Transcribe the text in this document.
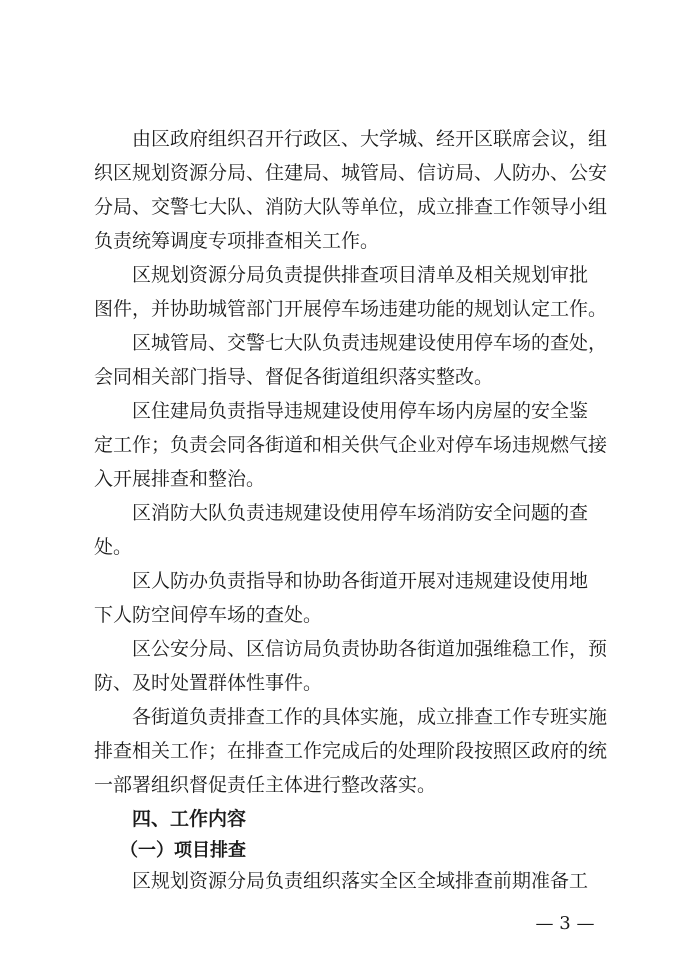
由区政府组织召开行政区、大学城、经开区联席会议，组
织区规划资源分局、住建局、城管局、信访局、人防办、公安
分局、交警七大队、消防大队等单位，成立排查工作领导小组
负责统筹调度专项排查相关工作。
区规划资源分局负责提供排查项目清单及相关规划审批
图件，并协助城管部门开展停车场违建功能的规划认定工作。
区城管局、交警七大队负责违规建设使用停车场的查处，
会同相关部门指导、督促各街道组织落实整改。
区住建局负责指导违规建设使用停车场内房屋的安全鉴
定工作；负责会同各街道和相关供气企业对停车场违规燃气接
入开展排查和整治。
区消防大队负责违规建设使用停车场消防安全问题的查
处。
区人防办负责指导和协助各街道开展对违规建设使用地
下人防空间停车场的查处。
区公安分局、区信访局负责协助各街道加强维稳工作，预
防、及时处置群体性事件。
各街道负责排查工作的具体实施，成立排查工作专班实施
排查相关工作；在排查工作完成后的处理阶段按照区政府的统
一部署组织督促责任主体进行整改落实。
四、工作内容
（一）项目排查
区规划资源分局负责组织落实全区全域排查前期准备工
— 3 —
